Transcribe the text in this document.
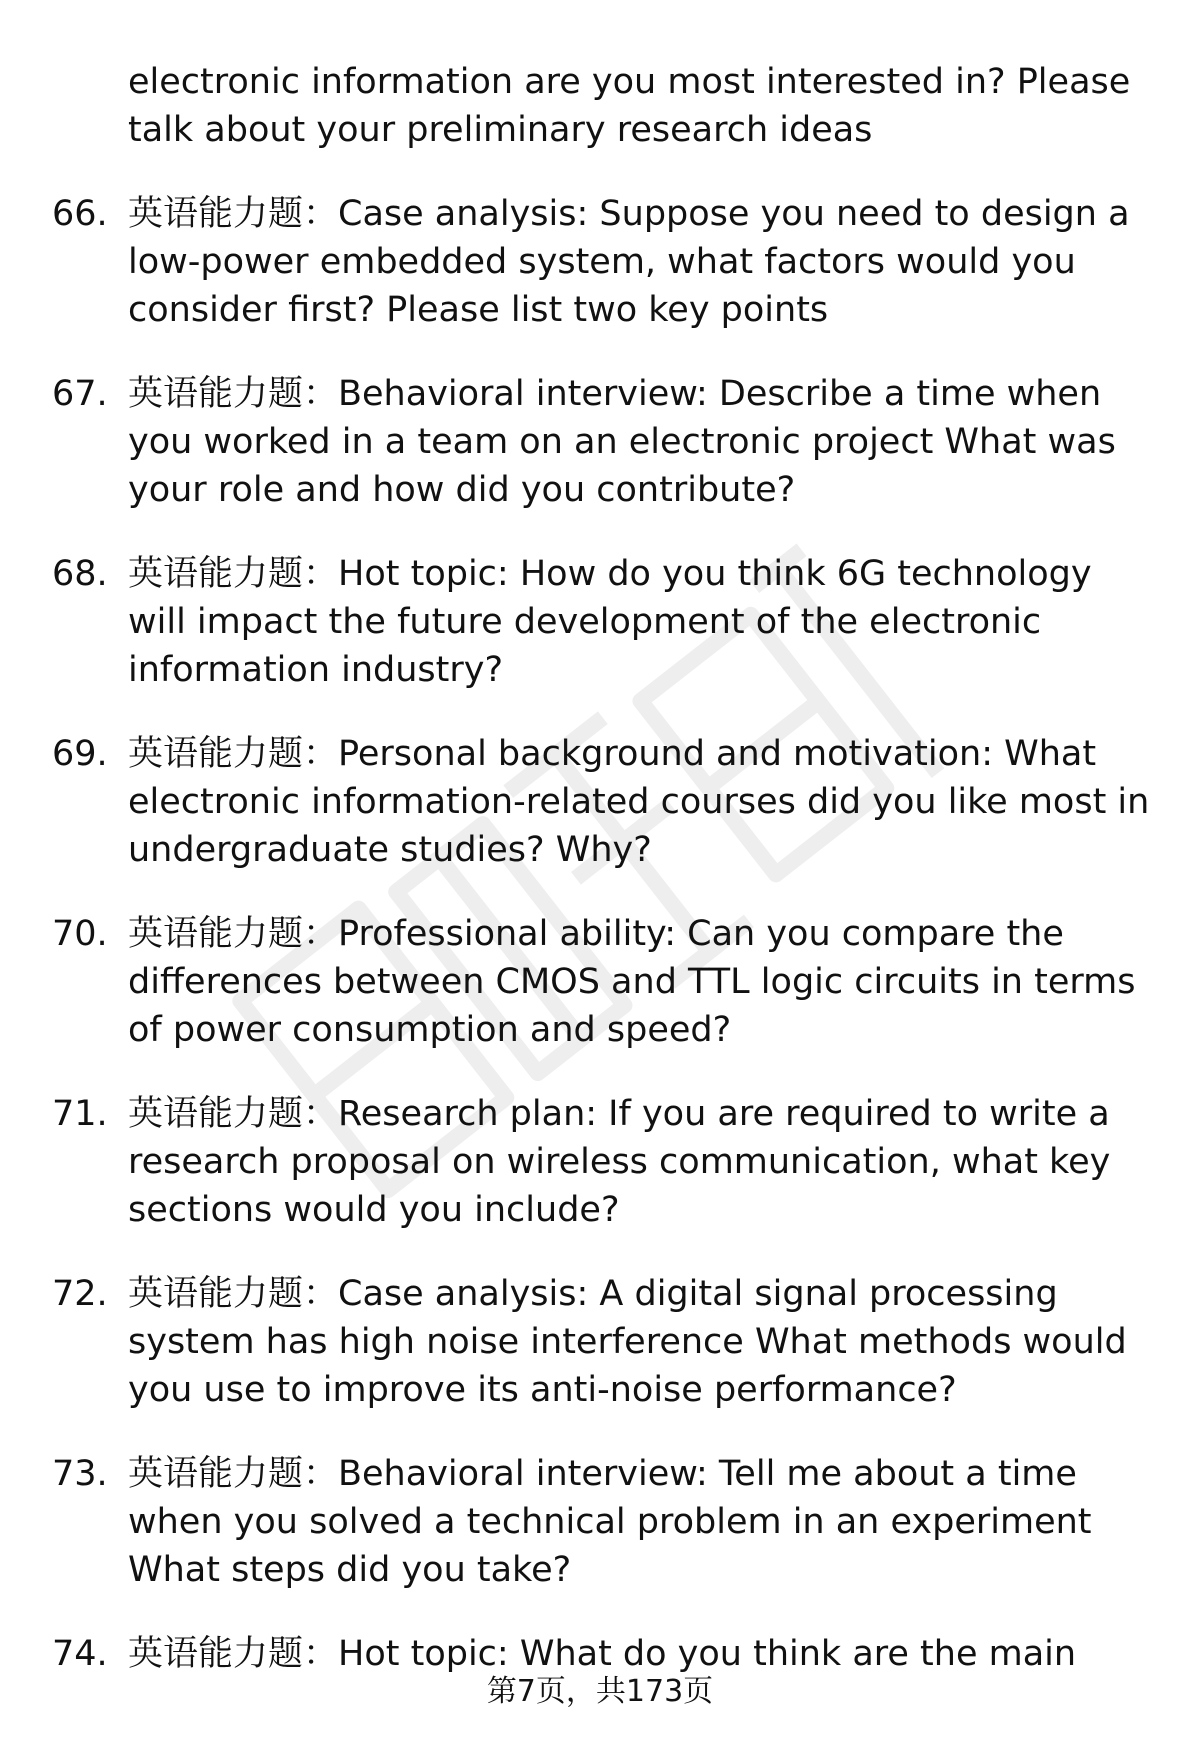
electronic information are you most interested in? Please
talk about your preliminary research ideas
66. 英语能力题：Case analysis: Suppose you need to design a low-power embedded system, what factors would you consider first? Please list two key points
67. 英语能力题：Behavioral interview: Describe a time when you worked in a team on an electronic project What was your role and how did you contribute?
68. 英语能力题：Hot topic: How do you think 6G technology will impact the future development of the electronic information industry?
69. 英语能力题：Personal background and motivation: What electronic information-related courses did you like most in undergraduate studies? Why?
70. 英语能力题：Professional ability: Can you compare the differences between CMOS and TTL logic circuits in terms of power consumption and speed?
71. 英语能力题：Research plan: If you are required to write a research proposal on wireless communication, what key sections would you include?
72. 英语能力题：Case analysis: A digital signal processing system has high noise interference What methods would you use to improve its anti-noise performance?
73. 英语能力题：Behavioral interview: Tell me about a time when you solved a technical problem in an experiment What steps did you take?
74. 英语能力题：Hot topic: What do you think are the main
第7页，共173页
